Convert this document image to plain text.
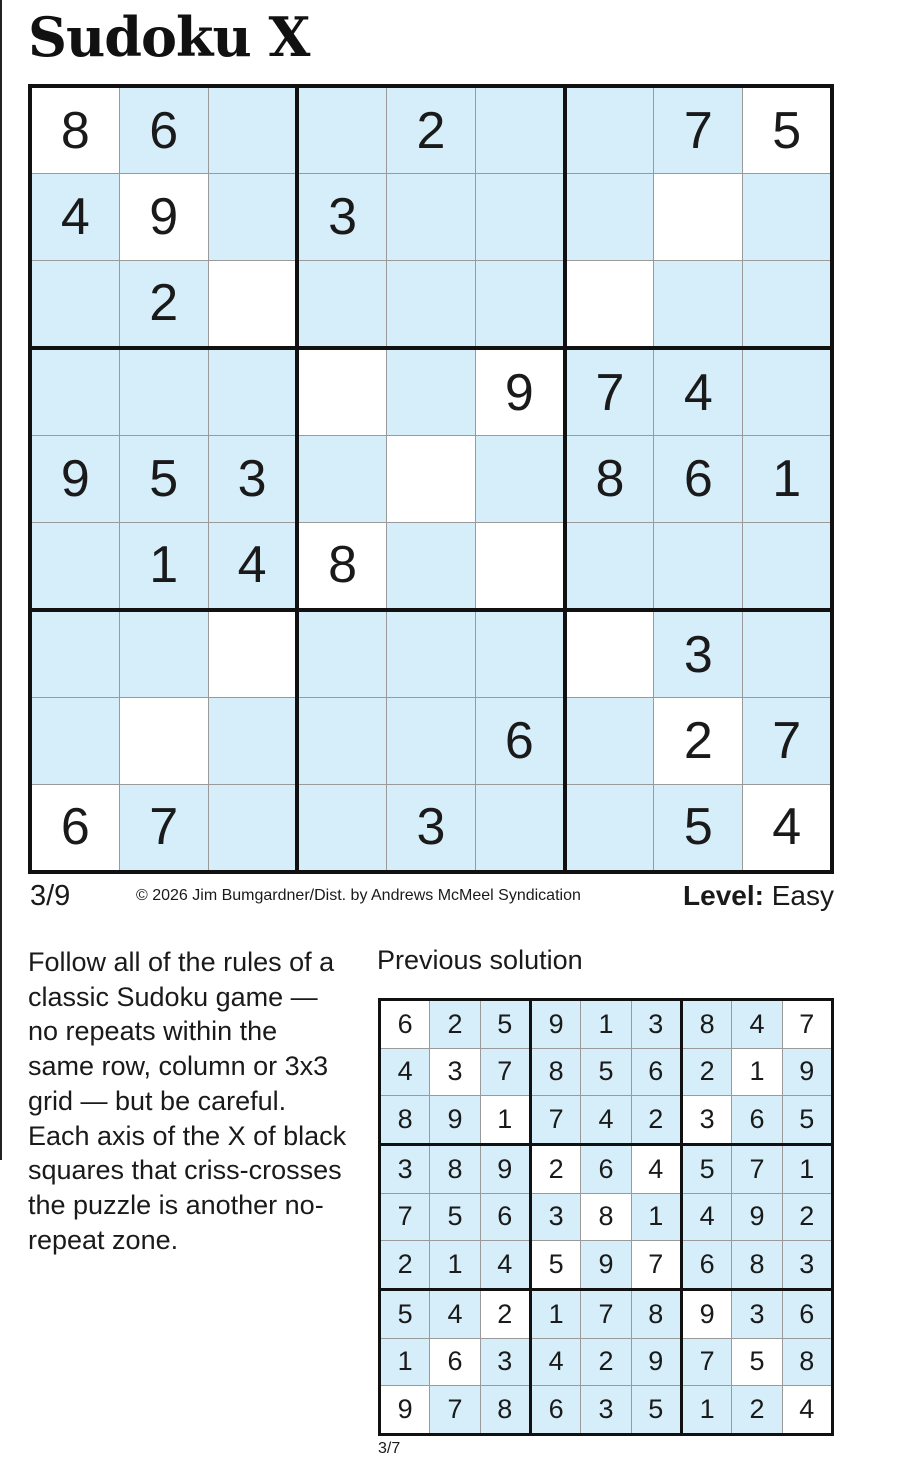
Sudoku X
8	6			2			7	5
4	9		3					
	2							
					9	7	4	
9	5	3				8	6	1
	1	4	8					
							3	
					6		2	7
6	7			3			5	4
3/9	© 2026 Jim Bumgardner/Dist. by Andrews McMeel Syndication	Level: Easy
Follow all of the rules of a classic Sudoku game — no repeats within the same row, column or 3x3 grid — but be careful. Each axis of the X of black squares that criss-crosses the puzzle is another no-repeat zone.
Previous solution
6	2	5	9	1	3	8	4	7
4	3	7	8	5	6	2	1	9
8	9	1	7	4	2	3	6	5
3	8	9	2	6	4	5	7	1
7	5	6	3	8	1	4	9	2
2	1	4	5	9	7	6	8	3
5	4	2	1	7	8	9	3	6
1	6	3	4	2	9	7	5	8
9	7	8	6	3	5	1	2	4
3/7
